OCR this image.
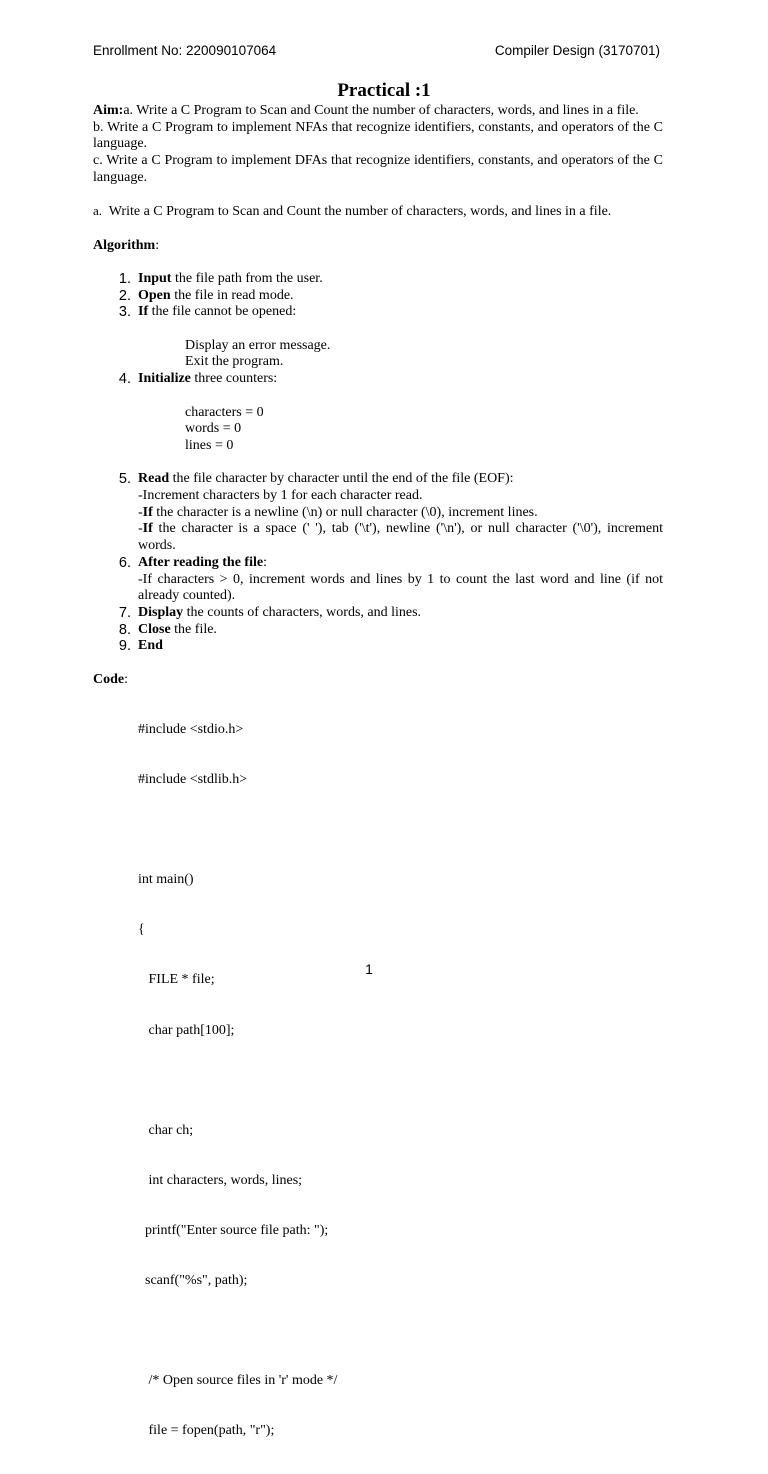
Enrollment No: 220090107064	Compiler Design (3170701)
Practical :1

Aim:a. Write a C Program to Scan and Count the number of characters, words, and lines in a file.

b. Write a C Program to implement NFAs that recognize identifiers, constants, and operators of the C language.

c. Write a C Program to implement DFAs that recognize identifiers, constants, and operators of the C language.

a. Write a C Program to Scan and Count the number of characters, words, and lines in a file.

Algorithm:

1. Input the file path from the user.
2. Open the file in read mode.
3. If the file cannot be opened:
Display an error message.
Exit the program.
4. Initialize three counters:
characters = 0
words = 0
lines = 0
5. Read the file character by character until the end of the file (EOF):
-Increment characters by 1 for each character read.
-If the character is a newline (\n) or null character (\0), increment lines.
-If the character is a space (' '), tab ('\t'), newline ('\n'), or null character ('\0'), increment words.
6. After reading the file:
-If characters > 0, increment words and lines by 1 to count the last word and line (if not already counted).
7. Display the counts of characters, words, and lines.
8. Close the file.
9. End

Code:

#include <stdio.h>

#include <stdlib.h>

int main()

{

FILE * file;

char path[100];

char ch;

int characters, words, lines;

printf("Enter source file path: ");

scanf("%s", path);

/* Open source files in 'r' mode */

file = fopen(path, "r");

1
